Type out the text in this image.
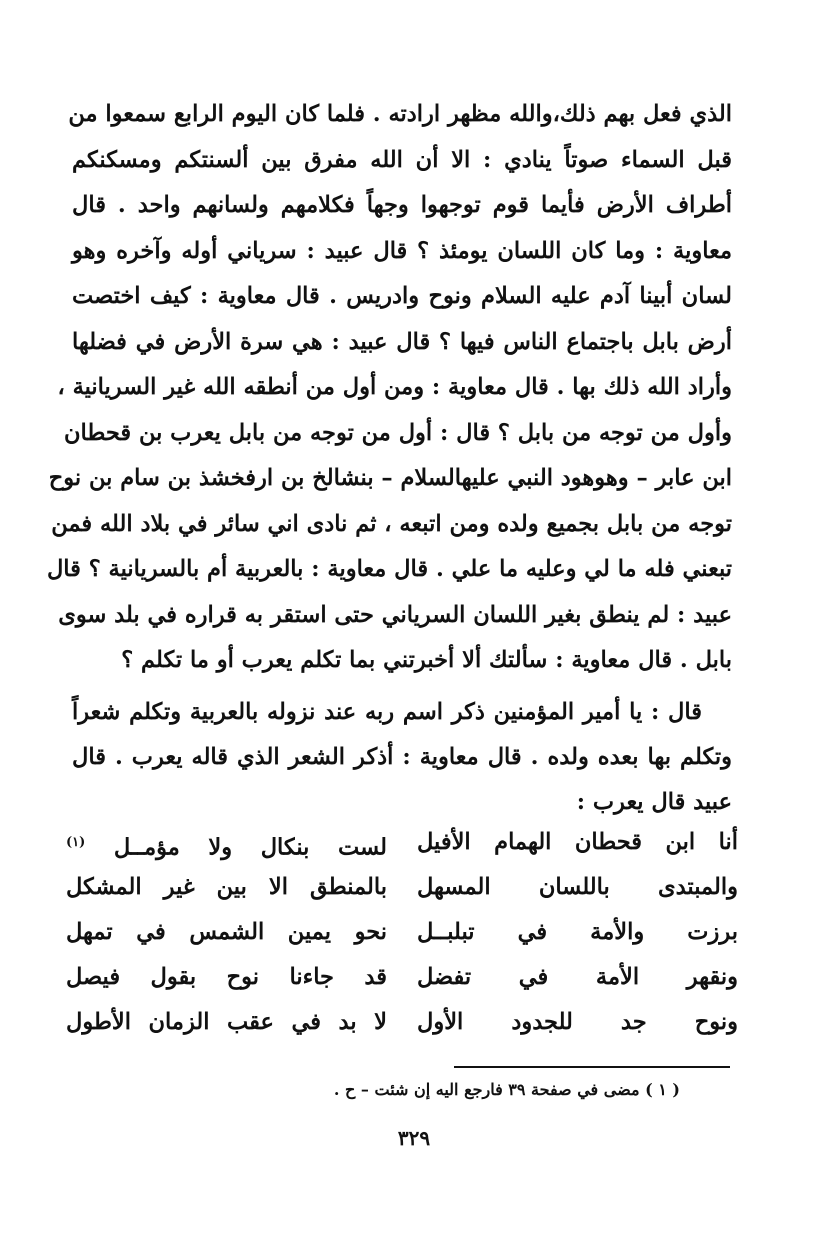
الذي فعل بهم ذلك،والله مظهر ارادته . فلما كان اليوم الرابع سمعوا من
قبل السماء صوتاً ينادي : الا أن الله مفرق بين ألسنتكم ومسكنكم
أطراف الأرض فأيما قوم توجهوا وجهاً فكلامهم ولسانهم واحد . قال
معاوية : وما كان اللسان يومئذ ؟ قال عبيد : سرياني أوله وآخره وهو
لسان أبينا آدم عليه السلام ونوح وادريس . قال معاوية : كيف اختصت
أرض بابل باجتماع الناس فيها ؟ قال عبيد : هي سرة الأرض في فضلها
وأراد الله ذلك بها . قال معاوية : ومن أول من أنطقه الله غير السريانية ،
وأول من توجه من بابل ؟ قال : أول من توجه من بابل يعرب بن قحطان
ابن عابر – وهوهود النبي عليهالسلام – بنشالخ بن ارفخشذ بن سام بن نوح
توجه من بابل بجميع ولده ومن اتبعه ، ثم نادى اني سائر في بلاد الله فمن
تبعني فله ما لي وعليه ما علي . قال معاوية : بالعربية أم بالسريانية ؟ قال
عبيد : لم ينطق بغير اللسان السرياني حتى استقر به قراره في بلد سوى
بابل . قال معاوية : سألتك ألا أخبرتني بما تكلم يعرب أو ما تكلم ؟
قال : يا أمير المؤمنين ذكر اسم ربه عند نزوله بالعربية وتكلم شعراً
وتكلم بها بعده ولده . قال معاوية : أذكر الشعر الذي قاله يعرب . قال
عبيد قال يعرب :
أنا ابن قحطان الهمام الأفيل
لست بنكال ولا مؤمــل $^{(١)}$
والمبتدى باللسان المسهل
بالمنطق الا بين غير المشكل
برزت والأمة في تبلبــل
نحو يمين الشمس في تمهل
ونقهر الأمة في تفضل
قد جاءنا نوح بقول فيصل
ونوح جد للجدود الأول
لا بد في عقب الزمان الأطول
( ١ ) مضى في صفحة ٣٩ فارجع اليه إن شئت – ح .
٣٢٩
